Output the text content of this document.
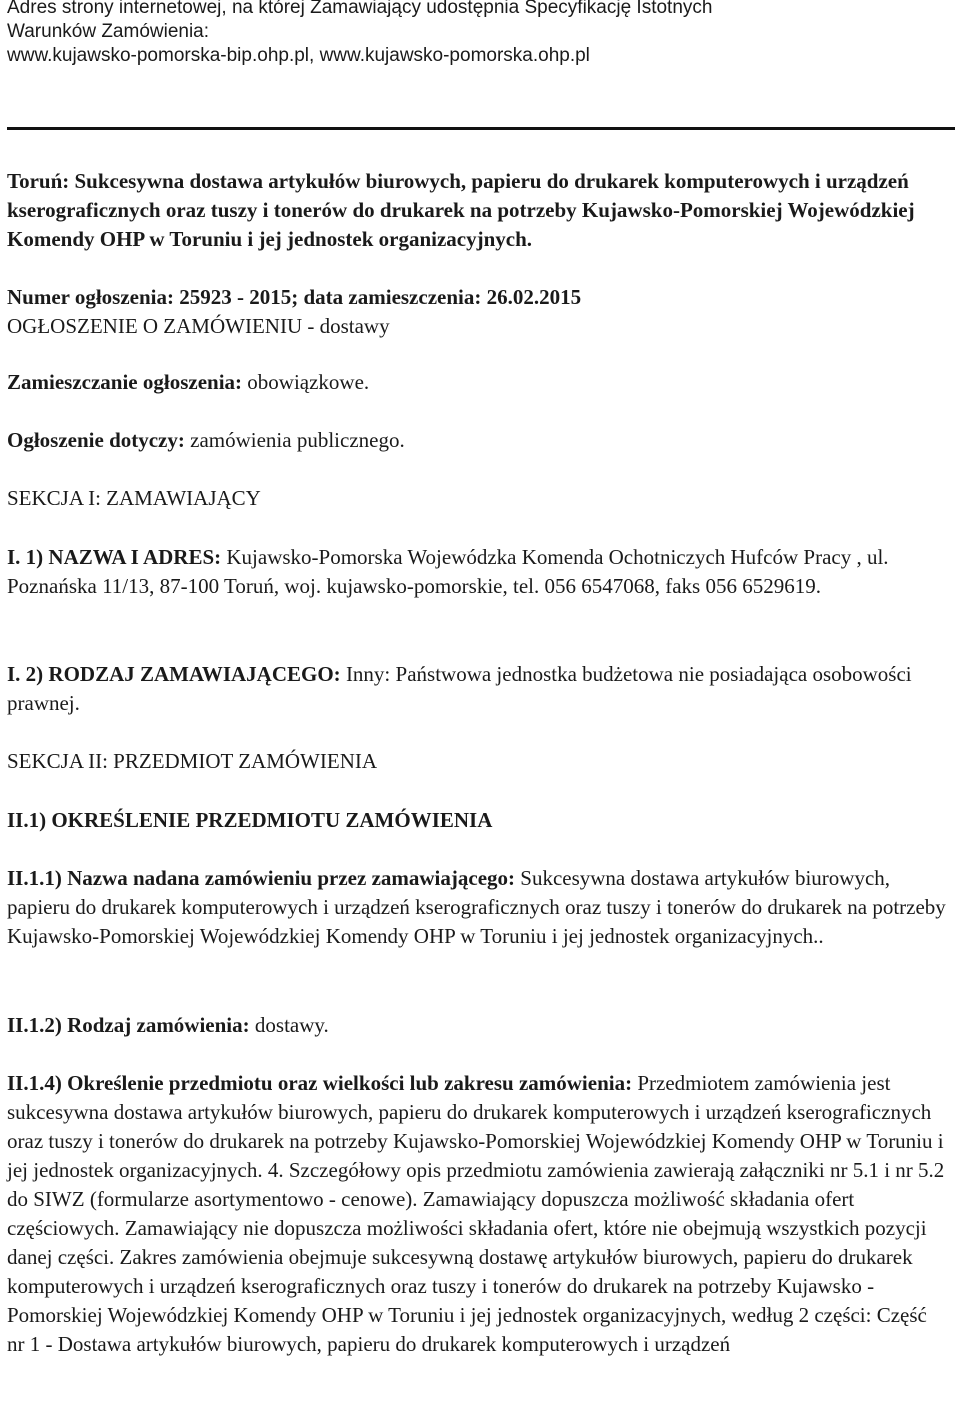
Adres strony internetowej, na której Zamawiający udostępnia Specyfikację Istotnych
Warunków Zamówienia:
www.kujawsko-pomorska-bip.ohp.pl, www.kujawsko-pomorska.ohp.pl
Toruń: Sukcesywna dostawa artykułów biurowych, papieru do drukarek komputerowych i urządzeń kserograficznych oraz tuszy i tonerów do drukarek na potrzeby Kujawsko-Pomorskiej Wojewódzkiej Komendy OHP w Toruniu i jej jednostek organizacyjnych.
Numer ogłoszenia: 25923 - 2015; data zamieszczenia: 26.02.2015
OGŁOSZENIE O ZAMÓWIENIU - dostawy
Zamieszczanie ogłoszenia: obowiązkowe.
Ogłoszenie dotyczy: zamówienia publicznego.
SEKCJA I: ZAMAWIAJĄCY
I. 1) NAZWA I ADRES: Kujawsko-Pomorska Wojewódzka Komenda Ochotniczych Hufców Pracy , ul. Poznańska 11/13, 87-100 Toruń, woj. kujawsko-pomorskie, tel. 056 6547068, faks 056 6529619.
I. 2) RODZAJ ZAMAWIAJĄCEGO: Inny: Państwowa jednostka budżetowa nie posiadająca osobowości prawnej.
SEKCJA II: PRZEDMIOT ZAMÓWIENIA
II.1) OKREŚLENIE PRZEDMIOTU ZAMÓWIENIA
II.1.1) Nazwa nadana zamówieniu przez zamawiającego: Sukcesywna dostawa artykułów biurowych, papieru do drukarek komputerowych i urządzeń kserograficznych oraz tuszy i tonerów do drukarek na potrzeby Kujawsko-Pomorskiej Wojewódzkiej Komendy OHP w Toruniu i jej jednostek organizacyjnych..
II.1.2) Rodzaj zamówienia: dostawy.
II.1.4) Określenie przedmiotu oraz wielkości lub zakresu zamówienia: Przedmiotem zamówienia jest sukcesywna dostawa artykułów biurowych, papieru do drukarek komputerowych i urządzeń kserograficznych oraz tuszy i tonerów do drukarek na potrzeby Kujawsko-Pomorskiej Wojewódzkiej Komendy OHP w Toruniu i jej jednostek organizacyjnych. 4. Szczegółowy opis przedmiotu zamówienia zawierają załączniki nr 5.1 i nr 5.2 do SIWZ (formularze asortymentowo - cenowe). Zamawiający dopuszcza możliwość składania ofert częściowych. Zamawiający nie dopuszcza możliwości składania ofert, które nie obejmują wszystkich pozycji danej części. Zakres zamówienia obejmuje sukcesywną dostawę artykułów biurowych, papieru do drukarek komputerowych i urządzeń kserograficznych oraz tuszy i tonerów do drukarek na potrzeby Kujawsko - Pomorskiej Wojewódzkiej Komendy OHP w Toruniu i jej jednostek organizacyjnych, według 2 części: Część nr 1 - Dostawa artykułów biurowych, papieru do drukarek komputerowych i urządzeń
